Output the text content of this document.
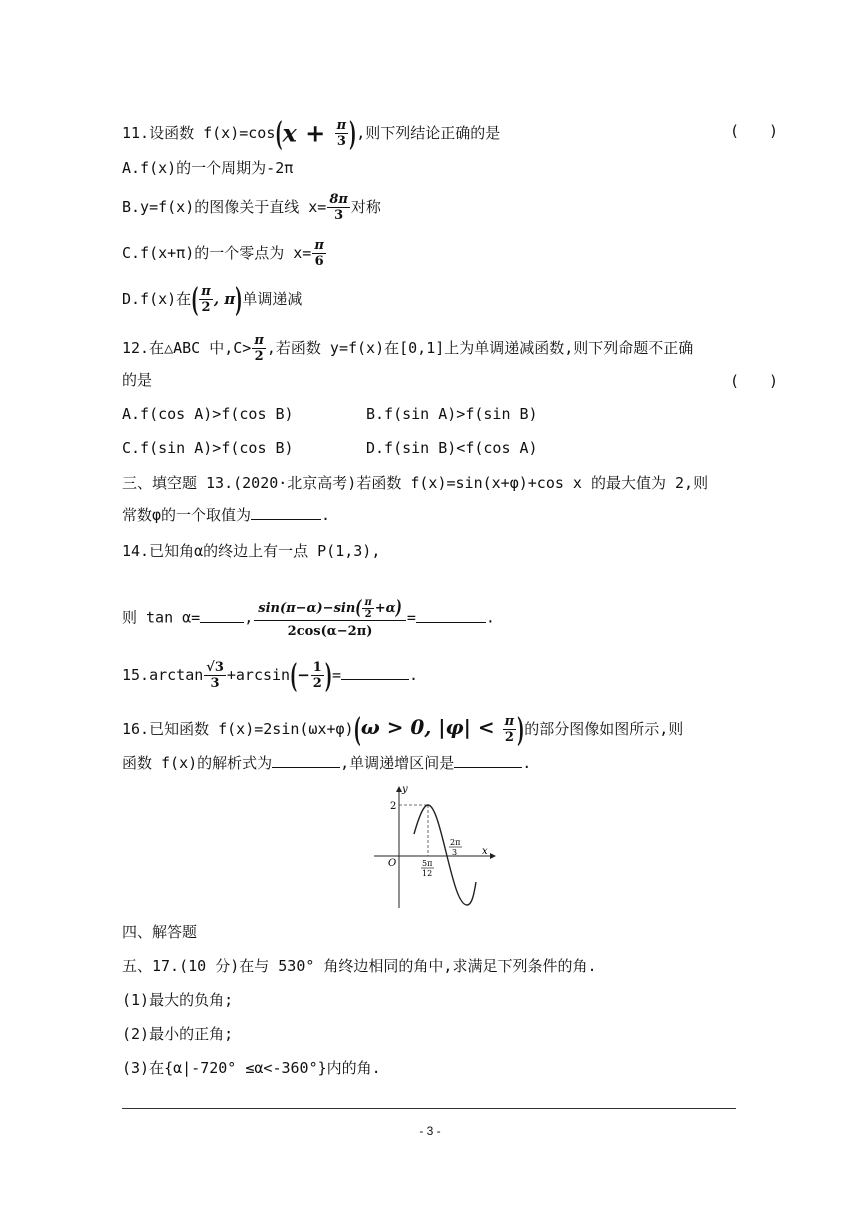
11.设函数 $f(x)=\cos(x + \frac{\pi}{3}$ ),则下列结论正确的是	(　　)
A.f(x)的一个周期为-2π
B.y=f(x)的图像关于直线 $x= \frac{8\pi}{3}$ 对称
C.f(x+π)的一个零点为 $x= \frac{\pi}{6}$
D.f(x)在( $\frac{\pi}{2}$ , π)单调递减
12.在△ABC 中$,C> \frac{\pi}{2}$ ,若函数 y=f(x)在[0,1]上为单调递减函数,则下列命题不正确
的是	(　　)
A.f(cos A)>f(cos B)	B.f(sin A)>f(sin B)
C.f(sin A)>f(cos B)	D.f(sin B)<f(cos A)
三、填空题 13.(2020·北京高考)若函数 f(x)=sin(x+φ)+cos x 的最大值为 2,则
常数φ的一个取值为	.
14.已知角α的终边上有一点 P(1,3),
则 tan α=	, $\frac{\sin(\pi-\alpha)-\sin( \frac{\pi}{2} +\alpha)}{2\cos(\alpha-2\pi)}$ =	.
$15.\arctan \frac{√3}{3} +\arcsin(- \frac{1}{2}$ )=	.
16.已知函数 f(x)=2sin(ωx+φ)(ω > 0, $|\varphi| < \frac{\pi}{2}$ )的部分图像如图所示,则
函数 f(x)的解析式为	,单调递增区间是	.
y
x
O
2
5π
12
2π
3
四、解答题
五、17.(10 分)在与 530° 角终边相同的角中,求满足下列条件的角.
(1)最大的负角;
(2)最小的正角;
(3)在{α|-720° ≤α<-360°}内的角.
- 3 -
